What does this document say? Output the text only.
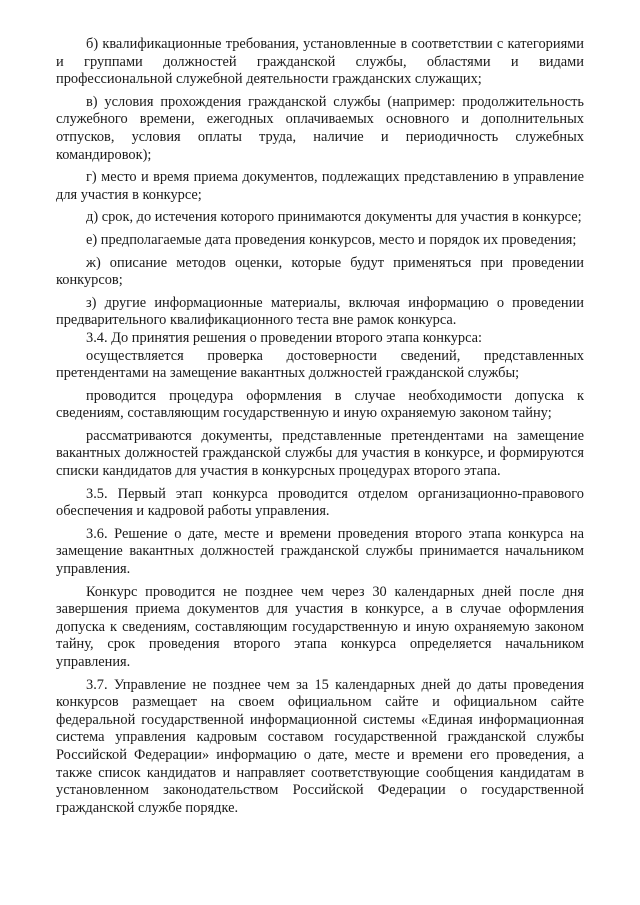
б) квалификационные требования, установленные в соответствии с категориями и группами должностей гражданской службы, областями и видами профессиональной служебной деятельности гражданских служащих;

в) условия прохождения гражданской службы (например: продолжительность служебного времени, ежегодных оплачиваемых основного и дополнительных отпусков, условия оплаты труда, наличие и периодичность служебных командировок);

г) место и время приема документов, подлежащих представлению в управление для участия в конкурсе;

д) срок, до истечения которого принимаются документы для участия в конкурсе;

е) предполагаемые дата проведения конкурсов, место и порядок их проведения;

ж) описание методов оценки, которые будут применяться при проведении конкурсов;

з) другие информационные материалы, включая информацию о проведении предварительного квалификационного теста вне рамок конкурса.

3.4. До принятия решения о проведении второго этапа конкурса:

осуществляется проверка достоверности сведений, представленных претендентами на замещение вакантных должностей гражданской службы;

проводится процедура оформления в случае необходимости допуска к сведениям, составляющим государственную и иную охраняемую законом тайну;

рассматриваются документы, представленные претендентами на замещение вакантных должностей гражданской службы для участия в конкурсе, и формируются списки кандидатов для участия в конкурсных процедурах второго этапа.

3.5. Первый этап конкурса проводится отделом организационно-правового обеспечения и кадровой работы управления.

3.6. Решение о дате, месте и времени проведения второго этапа конкурса на замещение вакантных должностей гражданской службы принимается начальником управления.

Конкурс проводится не позднее чем через 30 календарных дней после дня завершения приема документов для участия в конкурсе, а в случае оформления допуска к сведениям, составляющим государственную и иную охраняемую законом тайну, срок проведения второго этапа конкурса определяется начальником управления.

3.7. Управление не позднее чем за 15 календарных дней до даты проведения конкурсов размещает на своем официальном сайте и официальном сайте федеральной государственной информационной системы «Единая информационная система управления кадровым составом государственной гражданской службы Российской Федерации» информацию о дате, месте и времени его проведения, а также список кандидатов и направляет соответствующие сообщения кандидатам в установленном законодательством Российской Федерации о государственной гражданской службе порядке.
